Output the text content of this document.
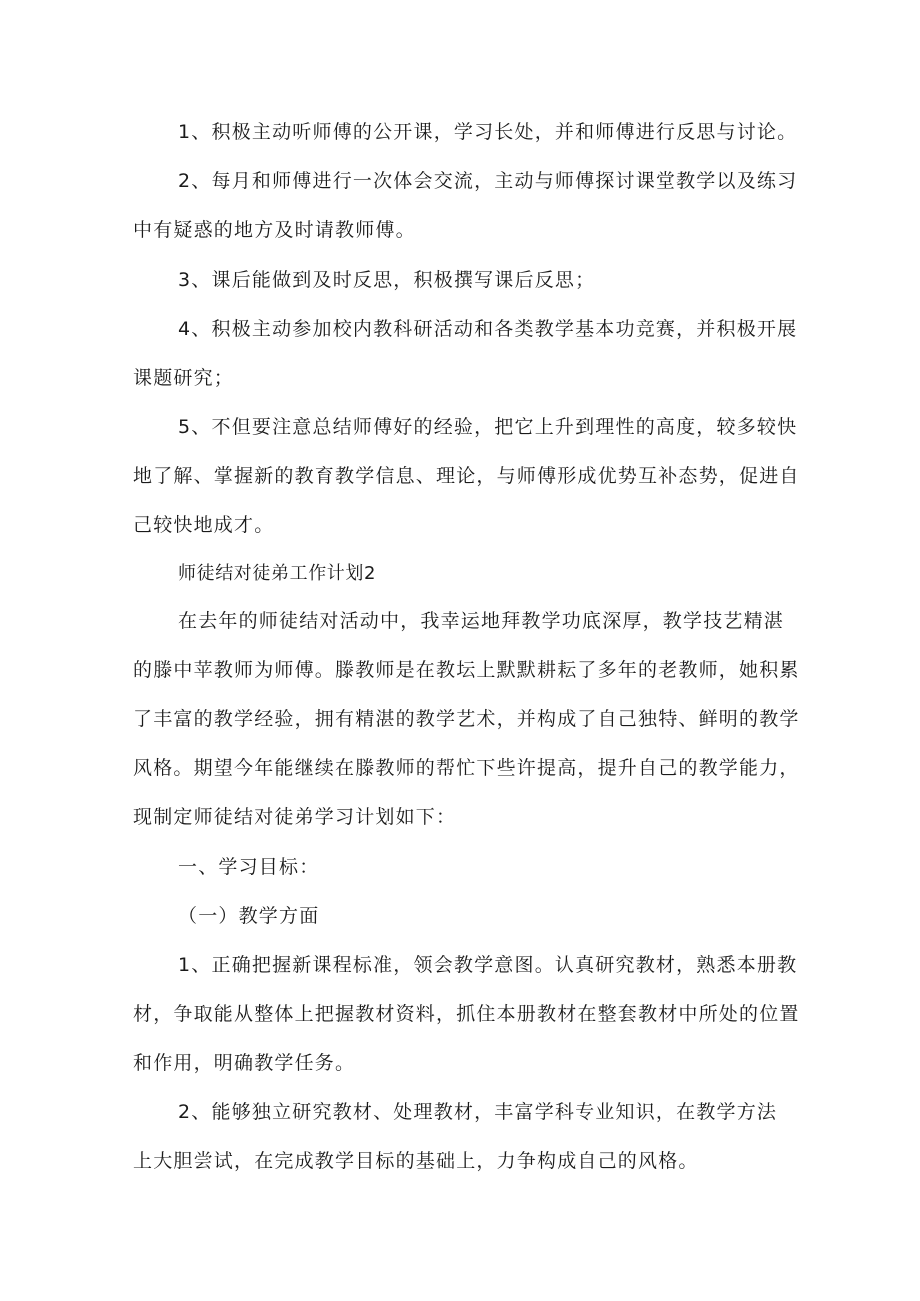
1、积极主动听师傅的公开课，学习长处，并和师傅进行反思与讨论。
2、每月和师傅进行一次体会交流，主动与师傅探讨课堂教学以及练习
中有疑惑的地方及时请教师傅。
3、课后能做到及时反思，积极撰写课后反思；
4、积极主动参加校内教科研活动和各类教学基本功竞赛，并积极开展
课题研究；
5、不但要注意总结师傅好的经验，把它上升到理性的高度，较多较快
地了解、掌握新的教育教学信息、理论，与师傅形成优势互补态势，促进自
己较快地成才。
师徒结对徒弟工作计划2
在去年的师徒结对活动中，我幸运地拜教学功底深厚，教学技艺精湛
的滕中苹教师为师傅。滕教师是在教坛上默默耕耘了多年的老教师，她积累
了丰富的教学经验，拥有精湛的教学艺术，并构成了自己独特、鲜明的教学
风格。期望今年能继续在滕教师的帮忙下些许提高，提升自己的教学能力，
现制定师徒结对徒弟学习计划如下：
一、学习目标：
（一）教学方面
1、正确把握新课程标准，领会教学意图。认真研究教材，熟悉本册教
材，争取能从整体上把握教材资料，抓住本册教材在整套教材中所处的位置
和作用，明确教学任务。
2、能够独立研究教材、处理教材，丰富学科专业知识，在教学方法
上大胆尝试，在完成教学目标的基础上，力争构成自己的风格。
